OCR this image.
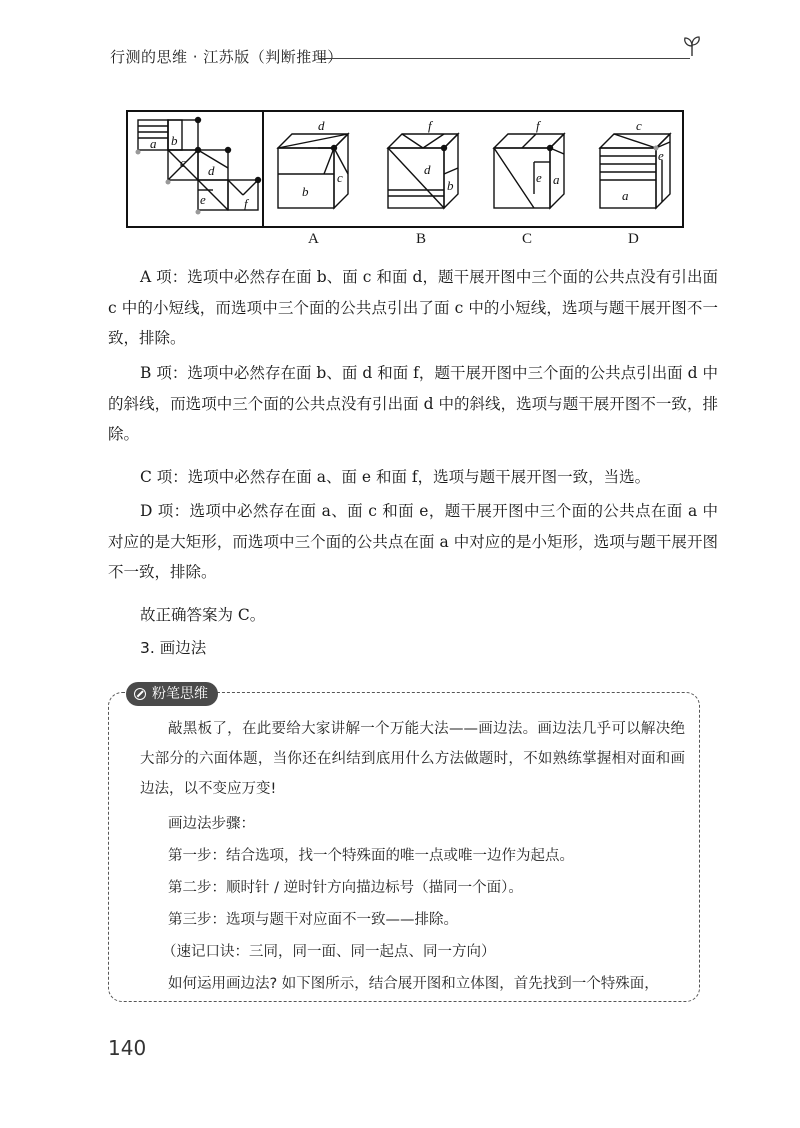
行测的思维 · 江苏版（判断推理）
a b
c
d
e	f
d
b
c
f
d
b
f
e a
c
e
a
A	B	C	D
A 项：选项中必然存在面 b、面 c 和面 d，题干展开图中三个面的公共点没有引出面 c 中的小短线，而选项中三个面的公共点引出了面 c 中的小短线，选项与题干展开图不一致，排除。
B 项：选项中必然存在面 b、面 d 和面 f，题干展开图中三个面的公共点引出面 d 中的斜线，而选项中三个面的公共点没有引出面 d 中的斜线，选项与题干展开图不一致，排除。
C 项：选项中必然存在面 a、面 e 和面 f，选项与题干展开图一致，当选。
D 项：选项中必然存在面 a、面 c 和面 e，题干展开图中三个面的公共点在面 a 中对应的是大矩形，而选项中三个面的公共点在面 a 中对应的是小矩形，选项与题干展开图不一致，排除。
故正确答案为 C。
3. 画边法
粉笔思维
敲黑板了，在此要给大家讲解一个万能大法——画边法。画边法几乎可以解决绝大部分的六面体题，当你还在纠结到底用什么方法做题时，不如熟练掌握相对面和画边法，以不变应万变!
画边法步骤：
第一步：结合选项，找一个特殊面的唯一点或唯一边作为起点。
第二步：顺时针 / 逆时针方向描边标号（描同一个面）。
第三步：选项与题干对应面不一致——排除。
（速记口诀：三同，同一面、同一起点、同一方向）
如何运用画边法? 如下图所示，结合展开图和立体图，首先找到一个特殊面，
140
